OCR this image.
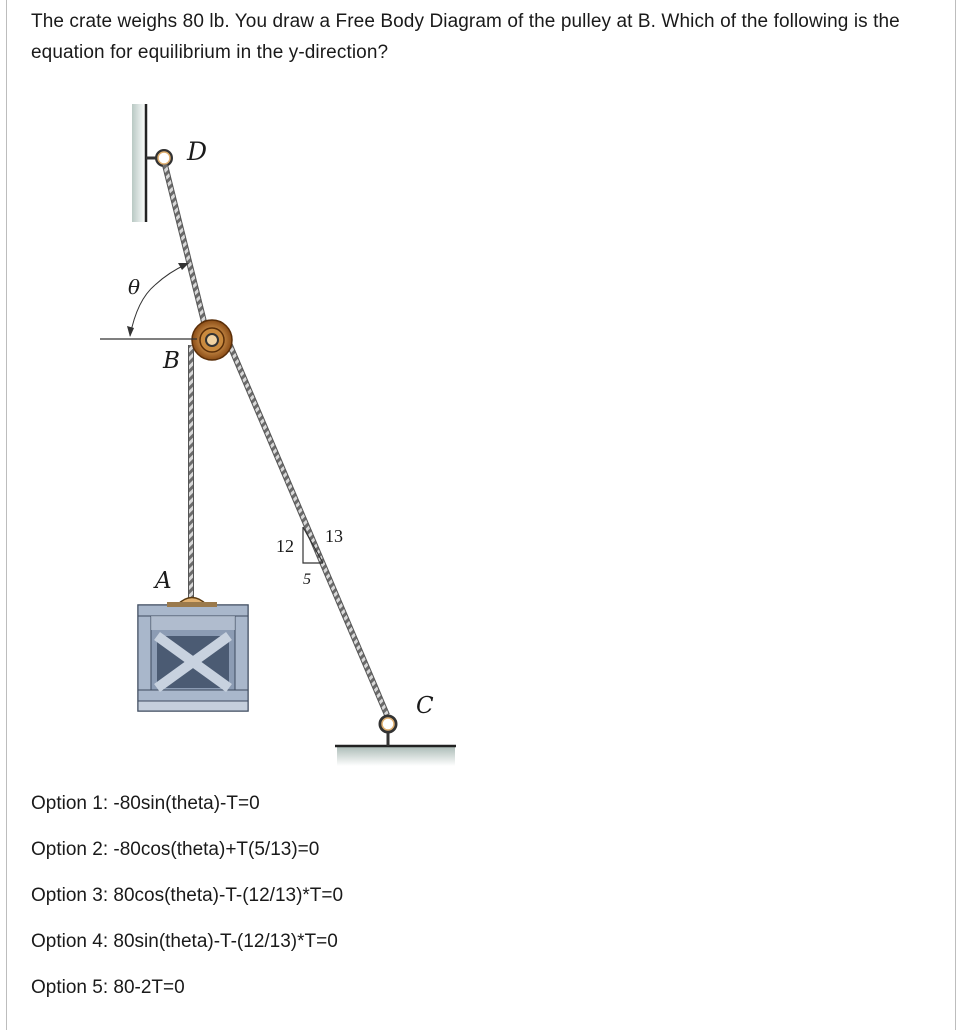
The crate weighs 80 lb. You draw a Free Body Diagram of the pulley at B. Which of the following is the equation for equilibrium in the y-direction?

D
θ
B
A
C
12 13
5
Option 1 : -80sin(theta)-T=0
Option 2 : -80cos(theta)+T(5/13)=0
Option 3 : 80cos(theta)-T-(12/13)*T=0
Option 4 : 80sin(theta)-T-(12/13)*T=0
Option 5 : 80-2T=0
